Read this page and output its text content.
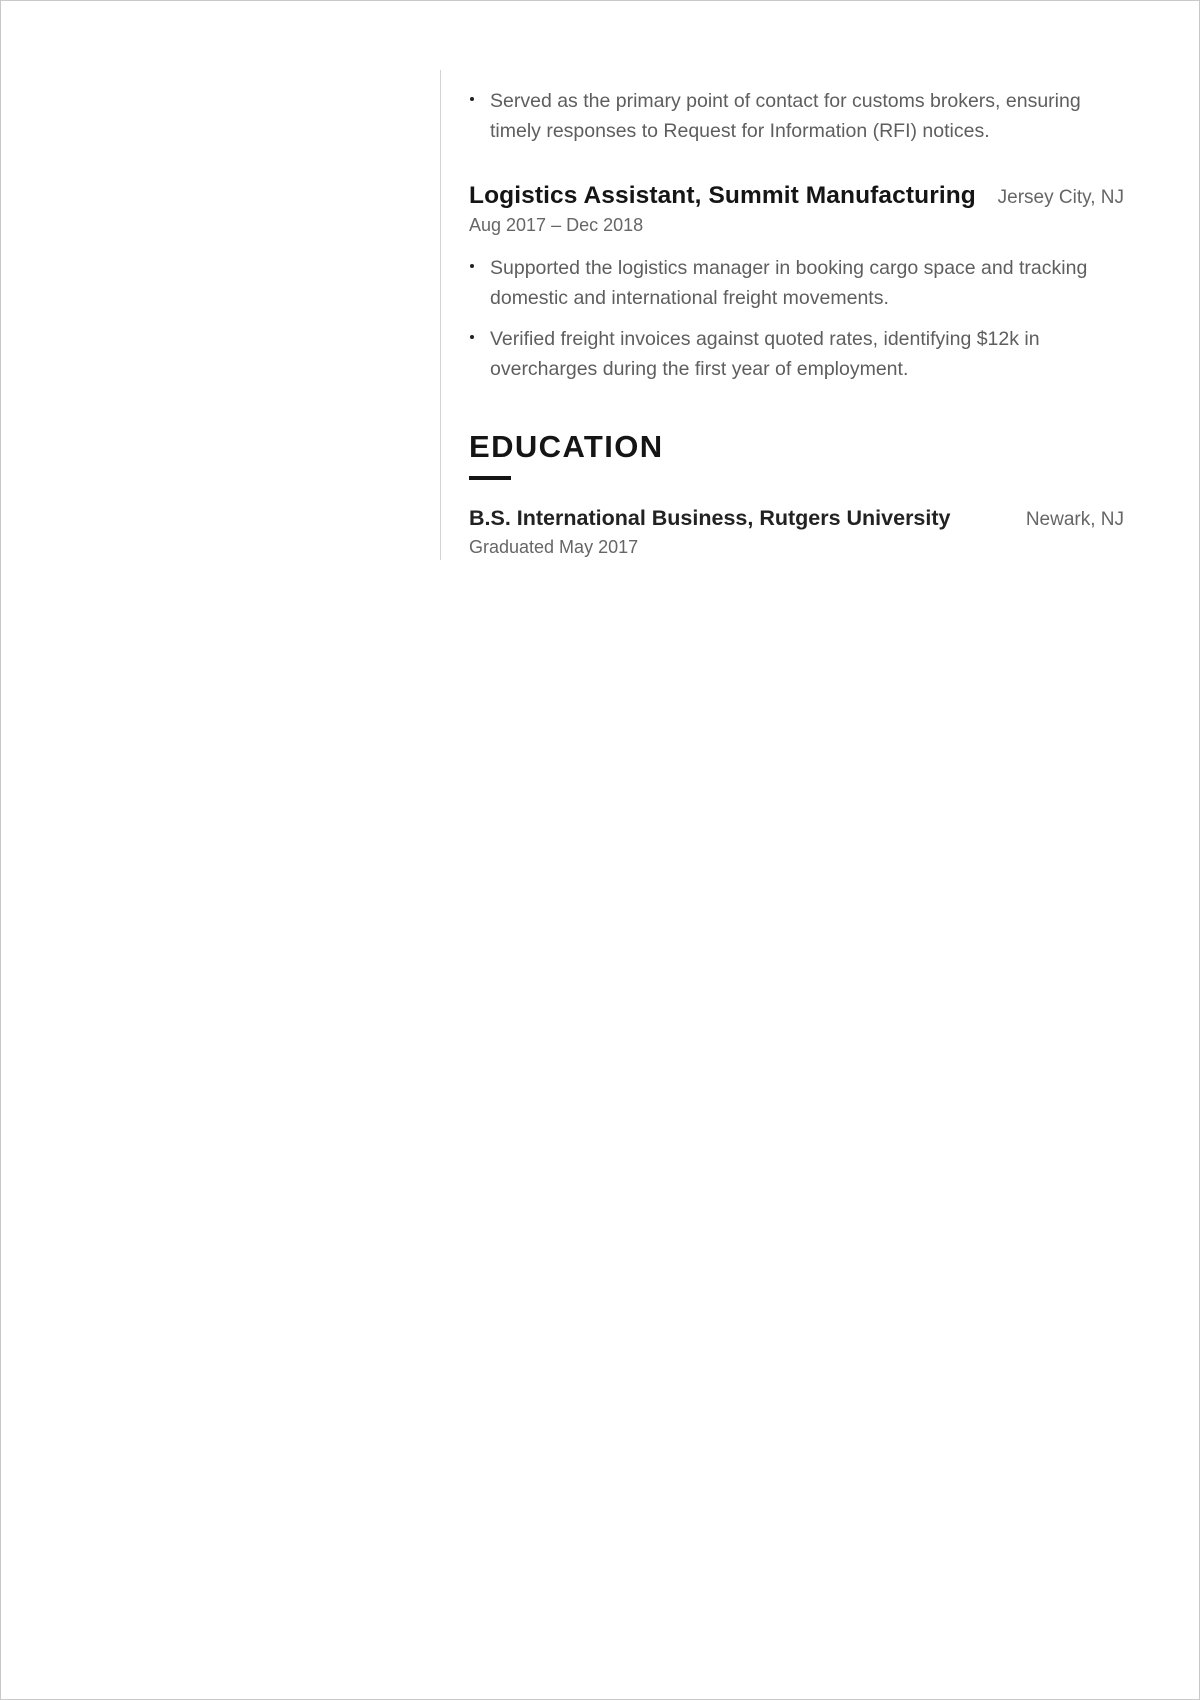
Served as the primary point of contact for customs brokers, ensuring timely responses to Request for Information (RFI) notices.
Logistics Assistant, Summit Manufacturing Jersey City, NJ
Aug 2017 – Dec 2018
Supported the logistics manager in booking cargo space and tracking domestic and international freight movements.
Verified freight invoices against quoted rates, identifying $12k in overcharges during the first year of employment.
EDUCATION
B.S. International Business, Rutgers University	Newark, NJ
Graduated May 2017
